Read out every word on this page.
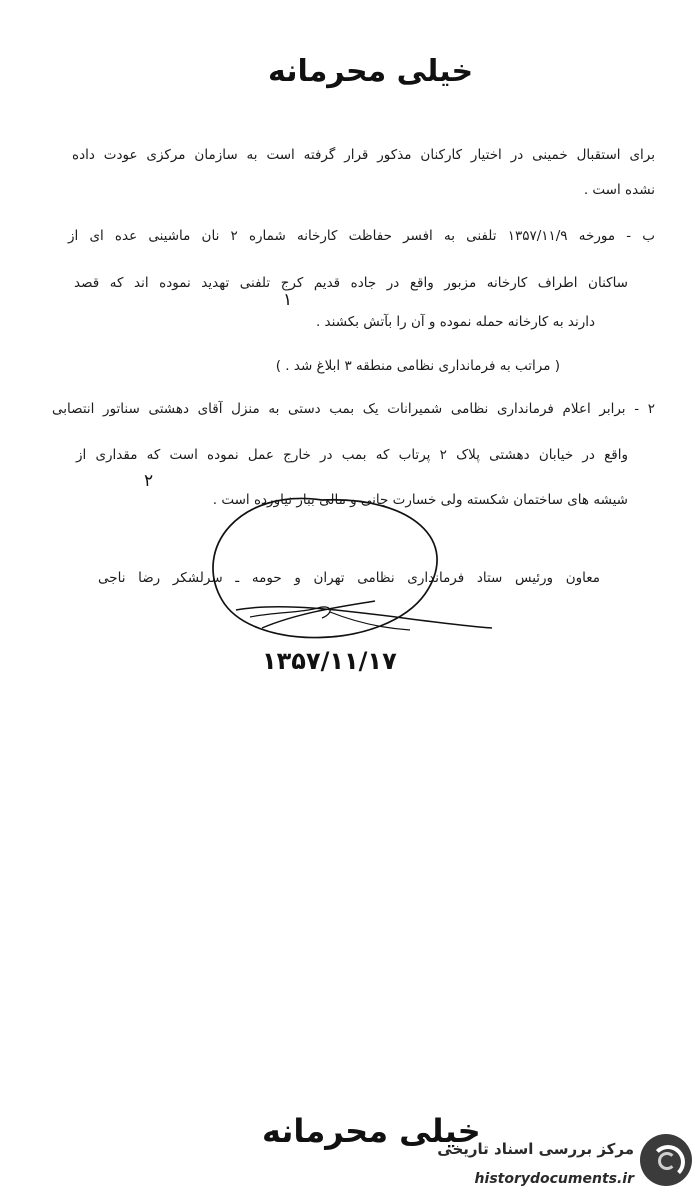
خیلی محرمانه
برای استقبال خمینی در اختیار کارکنان مذکور قرار گرفته است به سازمان مرکزی عودت داده
نشده است .
ب - مورخه ۱۳۵۷/۱۱/۹ تلفنی به افسر حفاظت کارخانه شماره ۲ نان ماشینی عده ای از
ساکنان اطراف کارخانه مزبور واقع در جاده قدیم کرج تلفنی تهدید نموده اند که قصد
۱
دارند به کارخانه حمله نموده و آن را بآتش بکشند .
( مراتب به فرمانداری نظامی منطقه ۳ ابلاغ شد . )
۲ - برابر اعلام فرمانداری نظامی شمیرانات یک بمب دستی به منزل آقای دهشتی سناتور انتصابی
واقع در خیابان دهشتی پلاک ۲ پرتاب که بمب در خارج عمل نموده است که مقداری از
۲
شیشه های ساختمان شکسته ولی خسارت جانی و مالی ببار نیاورده است .
معاون ورئیس ستاد فرمانداری نظامی تهران و حومه ـ سرلشکر رضا ناجی
۱۳۵۷/۱۱/۱۷
خیلی محرمانه
مرکز بررسی اسناد تاریخی
historydocuments.ir
